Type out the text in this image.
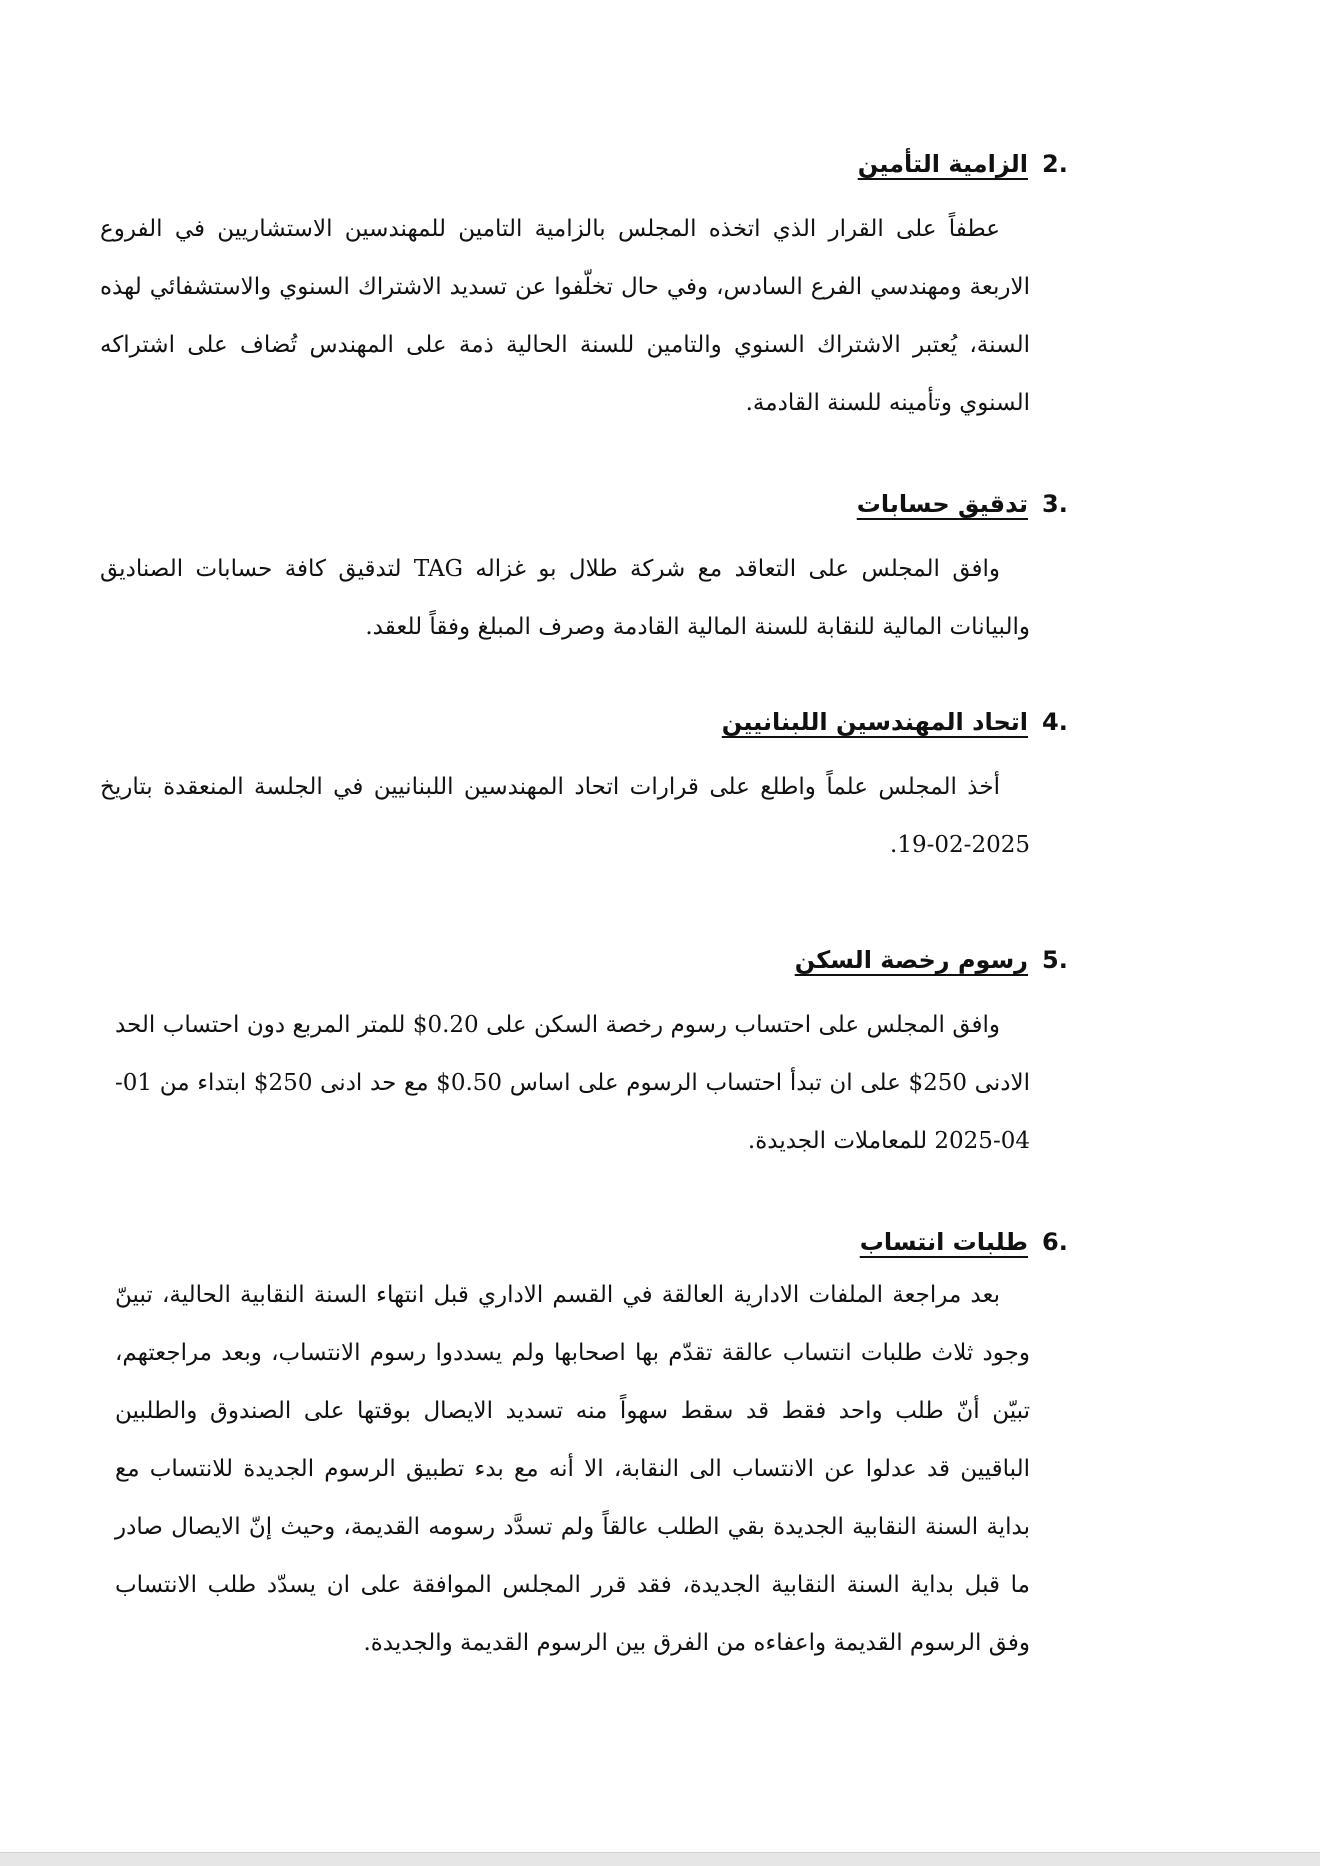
الزامية التأمين 2.
عطفاً على القرار الذي اتخذه المجلس بالزامية التامين للمهندسين الاستشاريين في الفروع الاربعة ومهندسي الفرع السادس، وفي حال تخلّفوا عن تسديد الاشتراك السنوي والاستشفائي لهذه السنة، يُعتبر الاشتراك السنوي والتامين للسنة الحالية ذمة على المهندس تُضاف على اشتراكه السنوي وتأمينه للسنة القادمة.
تدقيق حسابات 3.
وافق المجلس على التعاقد مع شركة طلال بو غزاله TAG لتدقيق كافة حسابات الصناديق والبيانات المالية للنقابة للسنة المالية القادمة وصرف المبلغ وفقاً للعقد.
اتحاد المهندسين اللبنانيين 4.
أخذ المجلس علماً واطلع على قرارات اتحاد المهندسين اللبنانيين في الجلسة المنعقدة بتاريخ 2025-02-19.
رسوم رخصة السكن 5.
وافق المجلس على احتساب رسوم رخصة السكن على 0.20$ للمتر المربع دون احتساب الحد الادنى 250$ على ان تبدأ احتساب الرسوم على اساس 0.50$ مع حد ادنى 250$ ابتداء من 01-04-2025 للمعاملات الجديدة.
طلبات انتساب 6.
بعد مراجعة الملفات الادارية العالقة في القسم الاداري قبل انتهاء السنة النقابية الحالية، تبينّ وجود ثلاث طلبات انتساب عالقة تقدّم بها اصحابها ولم يسددوا رسوم الانتساب، وبعد مراجعتهم، تبيّن أنّ طلب واحد فقط قد سقط سهواً منه تسديد الايصال بوقتها على الصندوق والطلبين الباقيين قد عدلوا عن الانتساب الى النقابة، الا أنه مع بدء تطبيق الرسوم الجديدة للانتساب مع بداية السنة النقابية الجديدة بقي الطلب عالقاً ولم تسدَّد رسومه القديمة، وحيث إنّ الايصال صادر ما قبل بداية السنة النقابية الجديدة، فقد قرر المجلس الموافقة على ان يسدّد طلب الانتساب وفق الرسوم القديمة واعفاءه من الفرق بين الرسوم القديمة والجديدة.
